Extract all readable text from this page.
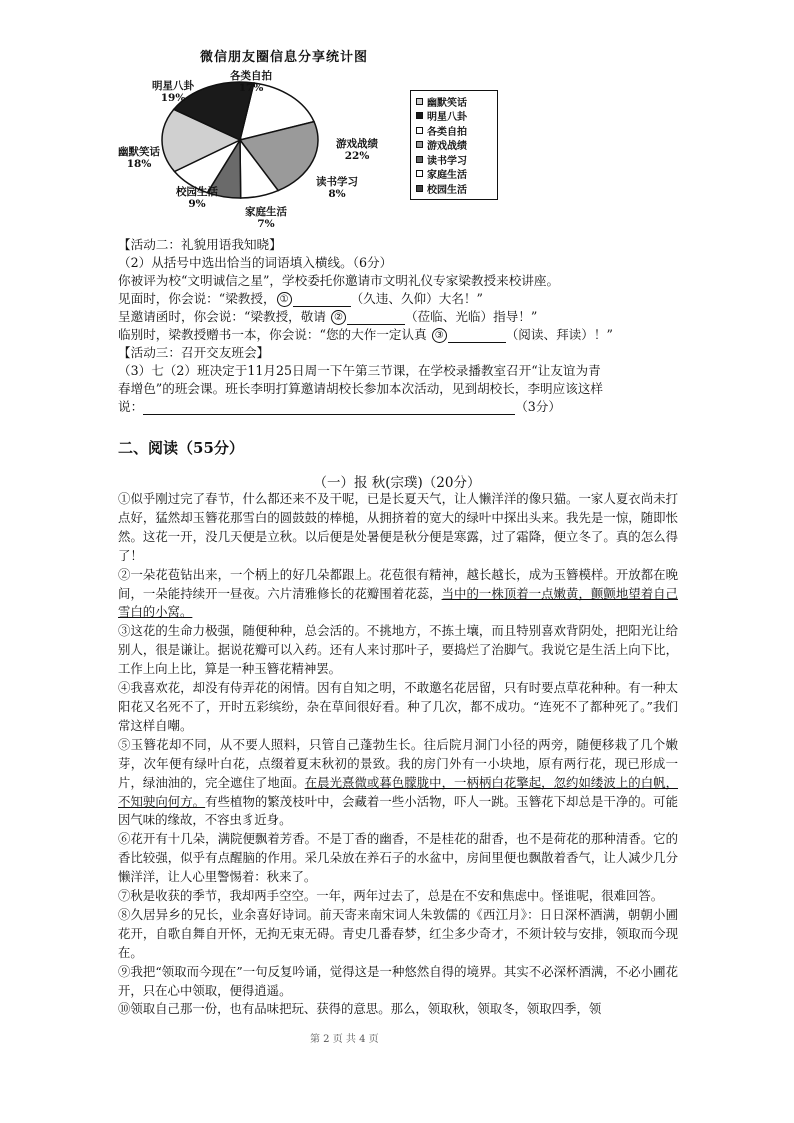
微信朋友圈信息分享统计图
各类自拍
17%
游戏战绩
22%
读书学习
8%
家庭生活
7%
校园生活
9%
幽默笑话
18%
明星八卦
19%	幽默笑话
明星八卦
各类自拍
游戏战绩
读书学习
家庭生活
校园生活
【活动二：礼貌用语我知晓】
（2）从括号中选出恰当的词语填入横线。（6分）
你被评为校“文明诚信之星”，学校委托你邀请市文明礼仪专家梁教授来校讲座。
见面时，你会说：“梁教授， ①	（久违、久仰）大名！”
呈邀请函时，你会说：“梁教授，敬请 ②	（莅临、光临）指导！”
临别时，梁教授赠书一本，你会说：“您的大作一定认真 ③	（阅读、拜读）！”
【活动三：召开交友班会】
（3）七（2）班决定于11月25日周一下午第三节课，在学校录播教室召开“让友谊为青
春增色”的班会课。班长李明打算邀请胡校长参加本次活动，见到胡校长，李明应该这样
说：	（3分）
二、阅读（55分）
（一）报 秋(宗璞)（20分）

①似乎刚过完了春节，什么都还来不及干呢，已是长夏天气，让人懒洋洋的像只猫。一家人夏衣尚未打点好，猛然却玉簪花那雪白的圆鼓鼓的棒槌，从拥挤着的宽大的绿叶中探出头来。我先是一惊，随即怅然。这花一开，没几天便是立秋。以后便是处暑便是秋分便是寒露，过了霜降，便立冬了。真的怎么得了！

②一朵花苞钻出来，一个柄上的好几朵都跟上。花苞很有精神，越长越长，成为玉簪模样。开放都在晚间，一朵能持续开一昼夜。六片清雅修长的花瓣围着花蕊，当中的一株顶着一点嫩黄，颤颤地望着自己雪白的小窝。

③这花的生命力极强，随便种种，总会活的。不挑地方，不拣土壤，而且特别喜欢背阴处，把阳光让给别人，很是谦让。据说花瓣可以入药。还有人来讨那叶子，要捣烂了治脚气。我说它是生活上向下比，工作上向上比，算是一种玉簪花精神罢。

④我喜欢花，却没有侍弄花的闲情。因有自知之明，不敢邀名花居留，只有时要点草花种种。有一种太阳花又名死不了，开时五彩缤纷，杂在草间很好看。种了几次，都不成功。“连死不了都种死了。”我们常这样自嘲。

⑤玉簪花却不同，从不要人照料，只管自己蓬勃生长。往后院月洞门小径的两旁，随便移栽了几个嫩芽，次年便有绿叶白花，点缀着夏末秋初的景致。我的房门外有一小块地，原有两行花，现已形成一片，绿油油的，完全遮住了地面。在晨光熹微或暮色朦胧中，一柄柄白花擎起，忽约如缕波上的白帆，不知驶向何方。有些植物的繁茂枝叶中，会藏着一些小活物，吓人一跳。玉簪花下却总是干净的。可能因气味的缘故，不容虫豸近身。

⑥花开有十几朵，满院便飘着芳香。不是丁香的幽香，不是桂花的甜香，也不是荷花的那种清香。它的香比较强，似乎有点醒脑的作用。采几朵放在养石子的水盆中，房间里便也飘散着香气，让人减少几分懒洋洋，让人心里警惕着：秋来了。

⑦秋是收获的季节，我却两手空空。一年，两年过去了，总是在不安和焦虑中。怪谁呢，很难回答。

⑧久居异乡的兄长，业余喜好诗词。前天寄来南宋词人朱敦儒的《西江月》：日日深杯酒满，朝朝小圃花开，自歌自舞自开怀，无拘无束无碍。青史几番春梦，红尘多少奇才，不须计较与安排，领取而今现在。

⑨我把“领取而今现在”一句反复吟诵，觉得这是一种悠然自得的境界。其实不必深杯酒满，不必小圃花开，只在心中领取，便得逍遥。

⑩领取自己那一份，也有品味把玩、获得的意思。那么，领取秋，领取冬，领取四季，领

第 2 页 共 4 页
